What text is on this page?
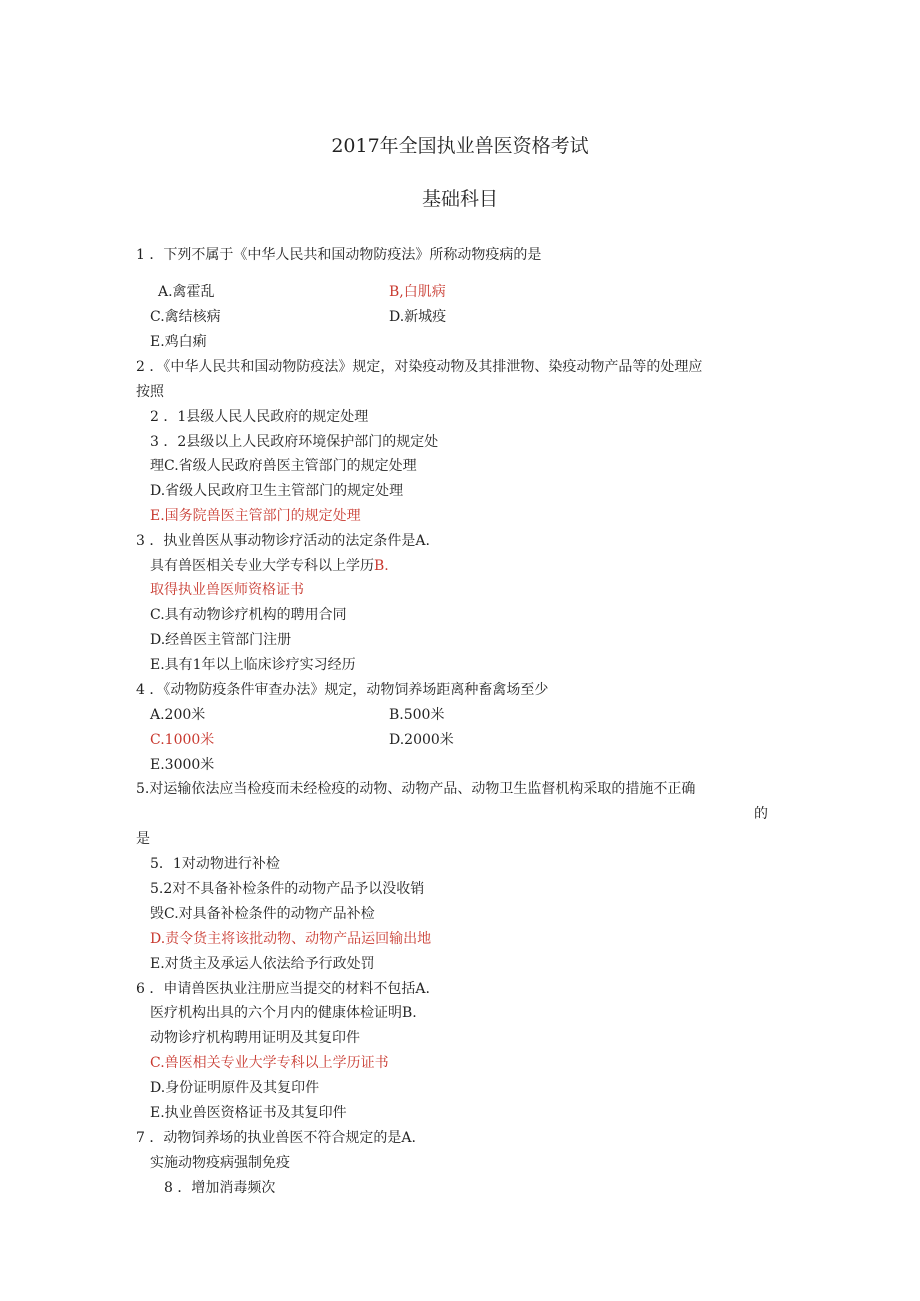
2017年全国执业兽医资格考试
基础科目
1 ．下列不属于《中华人民共和国动物防疫法》所称动物疫病的是
A.禽霍乱	B,白肌病
C.禽结核病	D.新城疫
E.鸡白痢
2 ．《中华人民共和国动物防疫法》规定，对染疫动物及其排泄物、染疫动物产品等的处理应
按照
2 ．1县级人民人民政府的规定处理
3 ．2县级以上人民政府环境保护部门的规定处
理C.省级人民政府兽医主管部门的规定处理
D.省级人民政府卫生主管部门的规定处理
E.国务院兽医主管部门的规定处理
3 ．执业兽医从事动物诊疗活动的法定条件是A.
具有兽医相关专业大学专科以上学历B.
取得执业兽医师资格证书
C.具有动物诊疗机构的聘用合同
D.经兽医主管部门注册
E.具有1年以上临床诊疗实习经历
4 ．《动物防疫条件审查办法》规定，动物饲养场距离种畜禽场至少
A.200米	B.500米
C.1000米	D.2000米
E.3000米
5.对运输依法应当检疫而未经检疫的动物、动物产品、动物卫生监督机构采取的措施不正确
的
是
5．1对动物进行补检
5.2对不具备补检条件的动物产品予以没收销
毁C.对具备补检条件的动物产品补检
D.责令货主将该批动物、动物产品运回输出地
E.对货主及承运人依法给予行政处罚
6 ．申请兽医执业注册应当提交的材料不包括A.
医疗机构出具的六个月内的健康体检证明B.
动物诊疗机构聘用证明及其复印件
C.兽医相关专业大学专科以上学历证书
D.身份证明原件及其复印件
E.执业兽医资格证书及其复印件
7 ．动物饲养场的执业兽医不符合规定的是A.
实施动物疫病强制免疫
8 ．增加消毒频次
